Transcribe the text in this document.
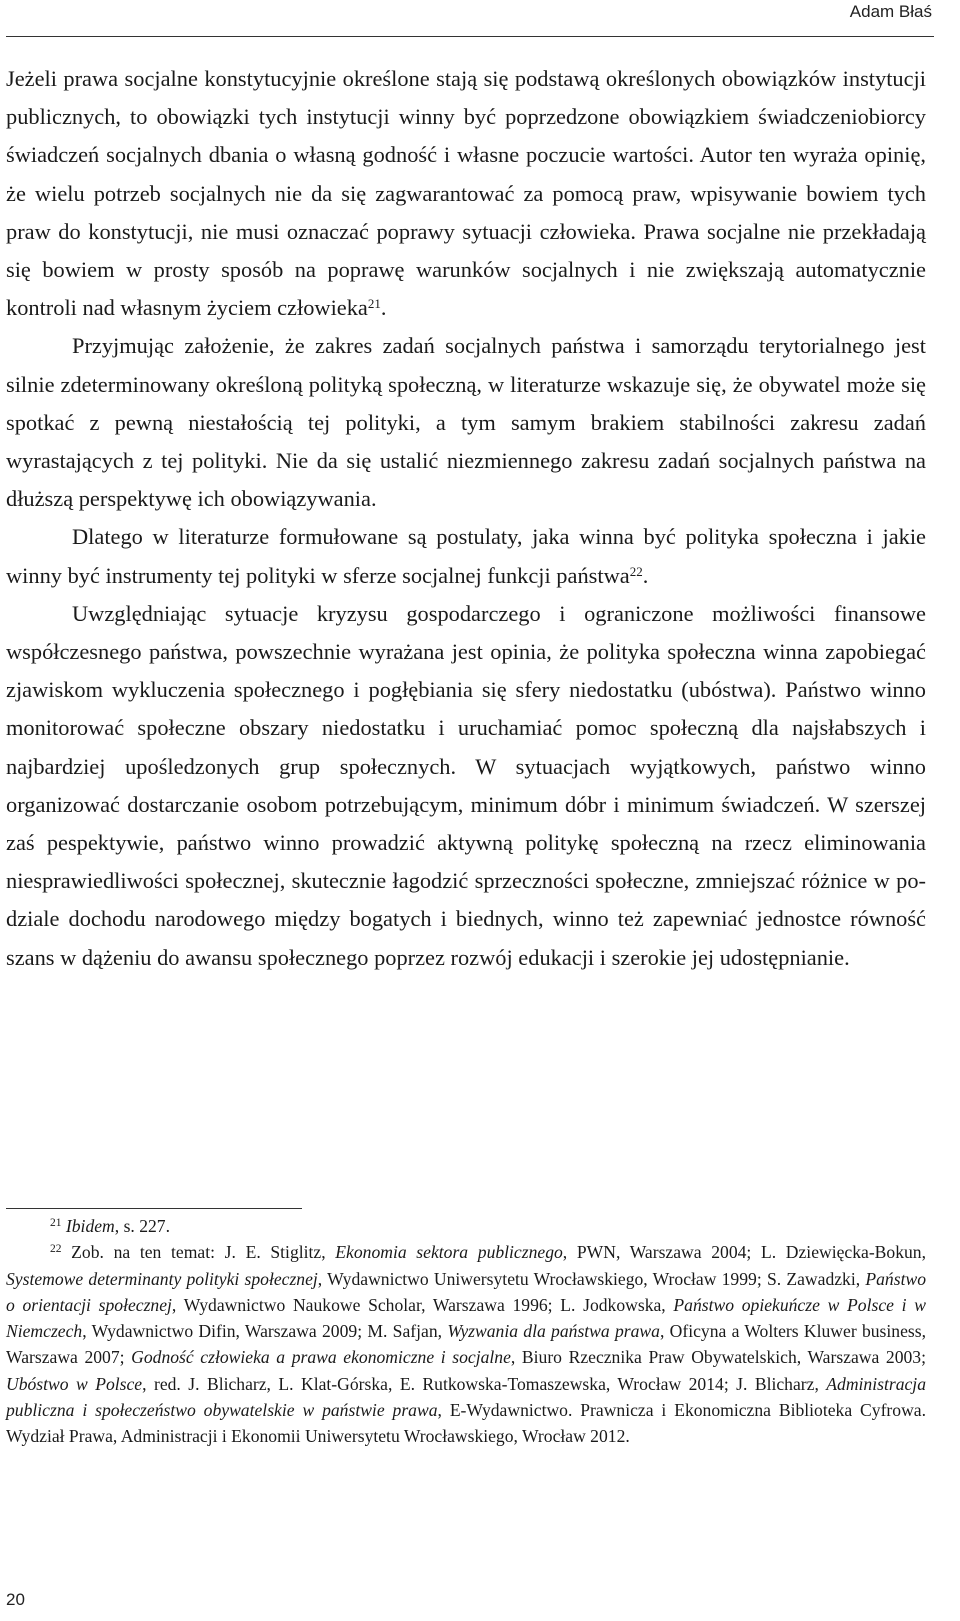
Adam Błaś

Jeżeli prawa socjalne konstytucyjnie określone stają się podstawą określonych obowiązków instytucji publicznych, to obowiązki tych instytucji winny być poprzedzone obowiązkiem świadczeniobiorcy świadczeń socjalnych dbania o własną godność i własne poczucie wartości. Autor ten wyraża opinię, że wielu potrzeb socjalnych nie da się zagwarantować za pomocą praw, wpisywanie bowiem tych praw do konstytucji, nie musi oznaczać poprawy sytuacji człowieka. Prawa socjalne nie przekładają się bowiem w prosty sposób na poprawę warunków socjalnych i nie zwiększają automatycznie kontroli nad własnym życiem człowieka$^{21}$.

Przyjmując założenie, że zakres zadań socjalnych państwa i samorządu terytorialnego jest silnie zdeterminowany określoną polityką społeczną, w literaturze wskazuje się, że obywatel może się spotkać z pewną niestałością tej polityki, a tym samym brakiem stabilności zakresu zadań wyrastających z tej polityki. Nie da się ustalić niezmiennego zakresu zadań socjalnych państwa na dłuższą perspektywę ich obowiązywania.

Dlatego w literaturze formułowane są postulaty, jaka winna być polityka społeczna i jakie winny być instrumenty tej polityki w sferze socjalnej funkcji państwa$^{22}$.

Uwzględniając sytuacje kryzysu gospodarczego i ograniczone możliwości finansowe współczesnego państwa, powszechnie wyrażana jest opinia, że polityka społeczna winna zapobiegać zjawiskom wykluczenia społecznego i pogłębiania się sfery niedostatku (ubóstwa). Państwo winno monitorować społeczne obszary niedostatku i uruchamiać pomoc społeczną dla najsłabszych i najbardziej upośledzonych grup społecznych. W sytuacjach wyjątkowych, państwo winno organizować dostarczanie osobom potrzebującym, minimum dóbr i minimum świadczeń. W szerszej zaś pespektywie, państwo winno prowadzić aktywną politykę społeczną na rzecz eliminowania niesprawiedliwości społecznej, skutecznie łagodzić sprzeczności społeczne, zmniejszać różnice w podziale dochodu narodowego między bogatych i biednych, winno też zapewniać jednostce równość szans w dążeniu do awansu społecznego poprzez rozwój edukacji i szerokie jej udostępnianie.

$^{21}$ Ibidem, s. 227.

$^{22}$ Zob. na ten temat: J. E. Stiglitz, Ekonomia sektora publicznego, PWN, Warszawa 2004; L. Dziewięcka-Bokun, Systemowe determinanty polityki społecznej, Wydawnictwo Uniwersytetu Wrocławskiego, Wrocław 1999; S. Zawadzki, Państwo o orientacji społecznej, Wydawnictwo Naukowe Scholar, Warszawa 1996; L. Jodkowska, Państwo opiekuńcze w Polsce i w Niemczech, Wydawnictwo Difin, Warszawa 2009; M. Safjan, Wyzwania dla państwa prawa, Oficyna a Wolters Kluwer business, Warszawa 2007; Godność człowieka a prawa ekonomiczne i socjalne, Biuro Rzecznika Praw Obywatelskich, Warszawa 2003; Ubóstwo w Polsce, red. J. Blicharz, L. Klat-Górska, E. Rutkowska-Tomaszewska, Wrocław 2014; J. Blicharz, Administracja publiczna i społeczeństwo obywatelskie w państwie prawa, E-Wydawnictwo. Prawnicza i Ekonomiczna Biblioteka Cyfrowa. Wydział Prawa, Administracji i Ekonomii Uniwersytetu Wrocławskiego, Wrocław 2012.

20
